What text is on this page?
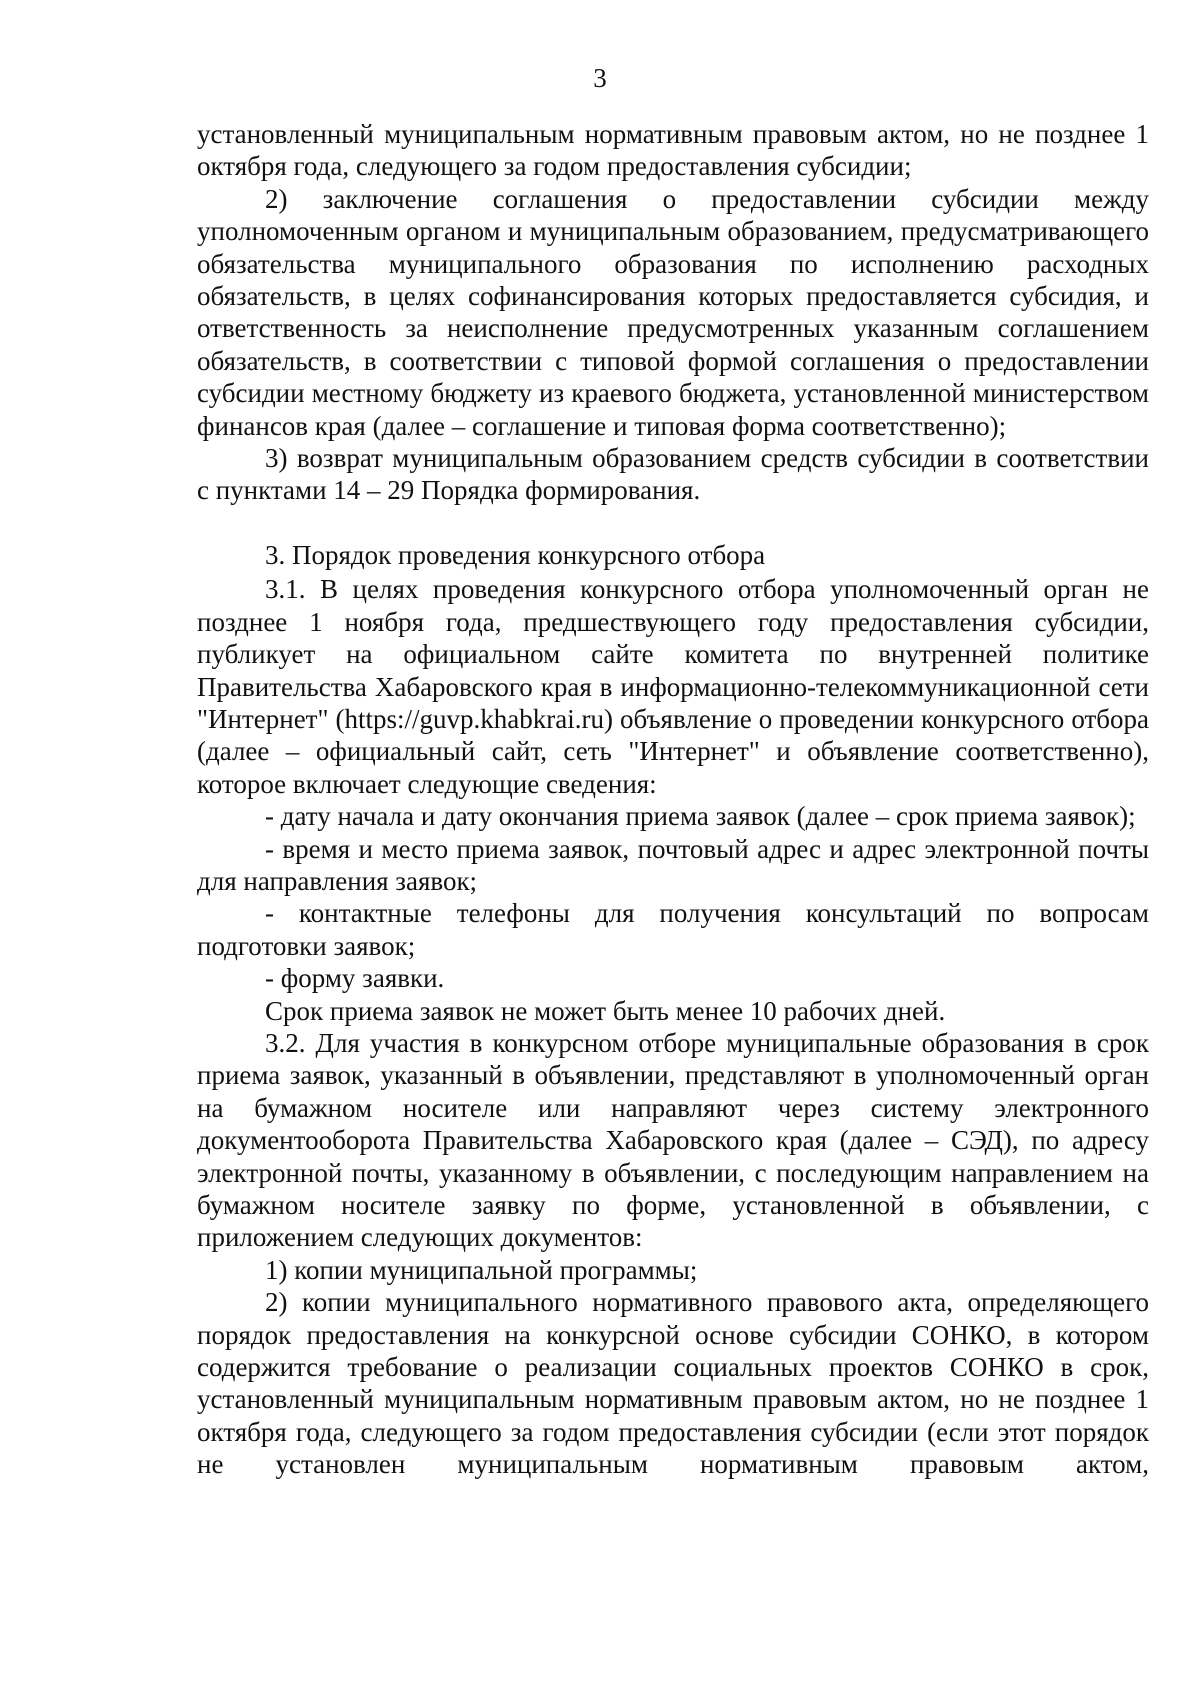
3

установленный муниципальным нормативным правовым актом, но не позднее 1 октября года, следующего за годом предоставления субсидии;

2) заключение соглашения о предоставлении субсидии между уполномоченным органом и муниципальным образованием, предусматривающего обязательства муниципального образования по исполнению расходных обязательств, в целях софинансирования которых предоставляется субсидия, и ответственность за неисполнение предусмотренных указанным соглашением обязательств, в соответствии с типовой формой соглашения о предоставлении субсидии местному бюджету из краевого бюджета, установленной министерством финансов края (далее – соглашение и типовая форма соответственно);

3) возврат муниципальным образованием средств субсидии в соответствии с пунктами 14 – 29 Порядка формирования.

3. Порядок проведения конкурсного отбора

3.1. В целях проведения конкурсного отбора уполномоченный орган не позднее 1 ноября года, предшествующего году предоставления субсидии, публикует на официальном сайте комитета по внутренней политике Правительства Хабаровского края в информационно-телекоммуникационной сети "Интернет" (https://guvp.khabkrai.ru) объявление о проведении конкурсного отбора (далее – официальный сайт, сеть "Интернет" и объявление соответственно), которое включает следующие сведения:

- дату начала и дату окончания приема заявок (далее – срок приема заявок);

- время и место приема заявок, почтовый адрес и адрес электронной почты для направления заявок;

- контактные телефоны для получения консультаций по вопросам подготовки заявок;

- форму заявки.

Срок приема заявок не может быть менее 10 рабочих дней.

3.2. Для участия в конкурсном отборе муниципальные образования в срок приема заявок, указанный в объявлении, представляют в уполномоченный орган на бумажном носителе или направляют через систему электронного документооборота Правительства Хабаровского края (далее – СЭД), по адресу электронной почты, указанному в объявлении, с последующим направлением на бумажном носителе заявку по форме, установленной в объявлении, с приложением следующих документов:

1) копии муниципальной программы;

2) копии муниципального нормативного правового акта, определяющего порядок предоставления на конкурсной основе субсидии СОНКО, в котором содержится требование о реализации социальных проектов СОНКО в срок, установленный муниципальным нормативным правовым актом, но не позднее 1 октября года, следующего за годом предоставления субсидии (если этот порядок не установлен муниципальным нормативным правовым актом,
